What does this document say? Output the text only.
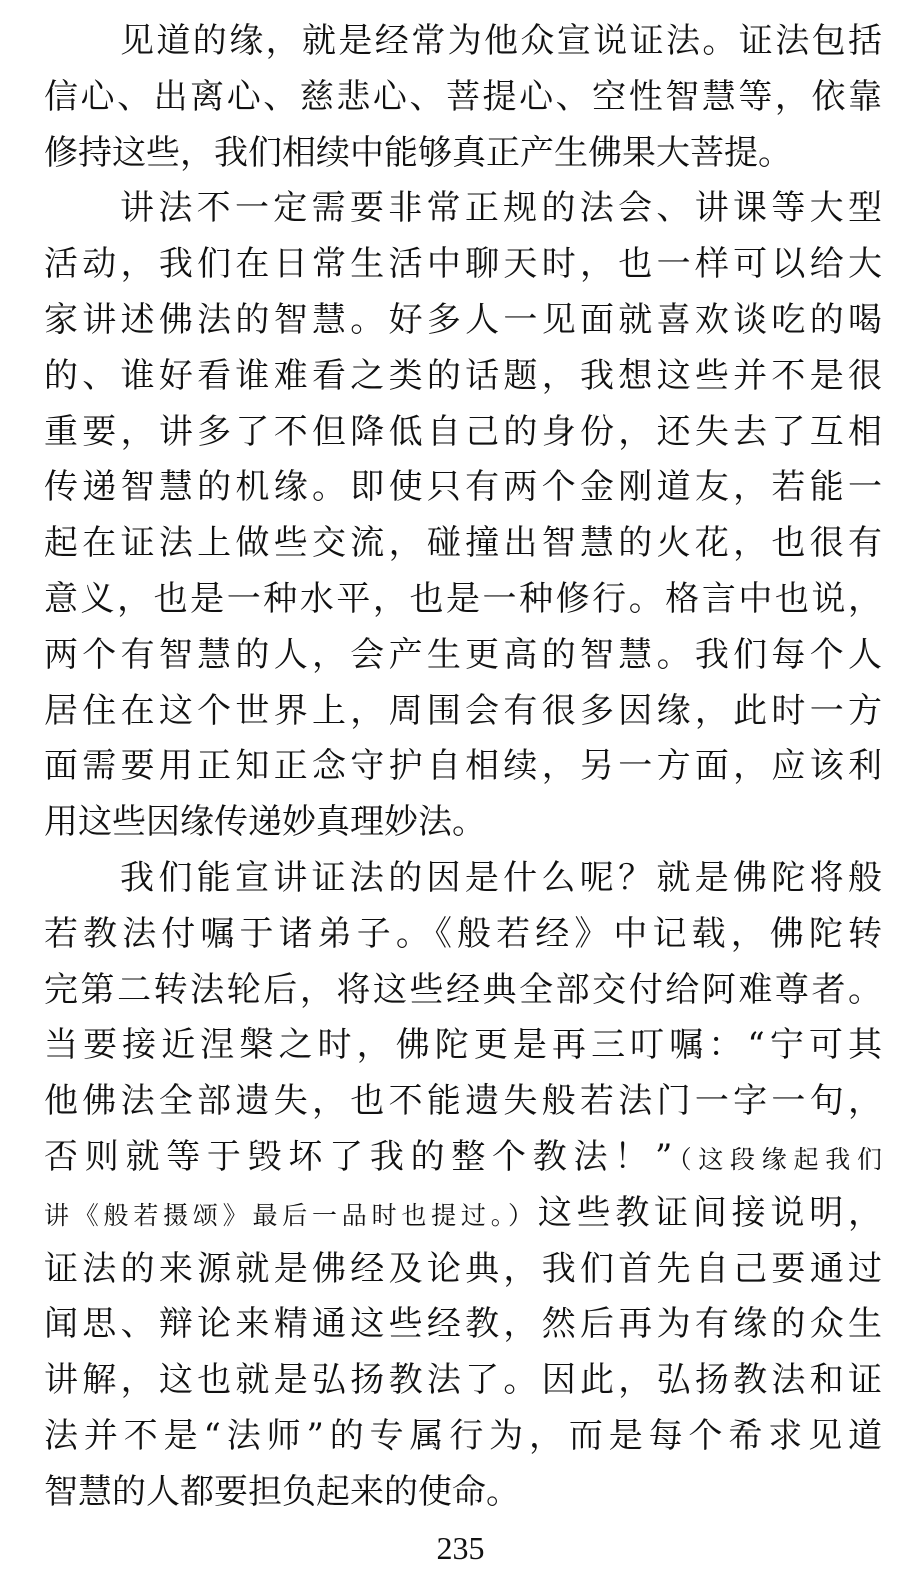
见道的缘，就是经常为他众宣说证法。证法包括
信心、出离心、慈悲心、菩提心、空性智慧等，依靠
修持这些，我们相续中能够真正产生佛果大菩提。
讲法不一定需要非常正规的法会、讲课等大型
活动，我们在日常生活中聊天时，也一样可以给大
家讲述佛法的智慧。好多人一见面就喜欢谈吃的喝
的、谁好看谁难看之类的话题，我想这些并不是很
重要，讲多了不但降低自己的身份，还失去了互相
传递智慧的机缘。即使只有两个金刚道友，若能一
起在证法上做些交流，碰撞出智慧的火花，也很有
意义，也是一种水平，也是一种修行。格言中也说，
两个有智慧的人，会产生更高的智慧。我们每个人
居住在这个世界上，周围会有很多因缘，此时一方
面需要用正知正念守护自相续，另一方面，应该利
用这些因缘传递妙真理妙法。
我们能宣讲证法的因是什么呢？就是佛陀将般
若教法付嘱于诸弟子。《般若经》中记载，佛陀转
完第二转法轮后，将这些经典全部交付给阿难尊者。
当要接近涅槃之时，佛陀更是再三叮嘱：“宁可其
他佛法全部遗失，也不能遗失般若法门一字一句，
否则就等于毁坏了我的整个教法！”（这段缘起我们
讲《般若摄颂》最后一品时也提过。）这些教证间接说明，
证法的来源就是佛经及论典，我们首先自己要通过
闻思、辩论来精通这些经教，然后再为有缘的众生
讲解，这也就是弘扬教法了。因此，弘扬教法和证
法并不是“法师”的专属行为，而是每个希求见道
智慧的人都要担负起来的使命。
235
